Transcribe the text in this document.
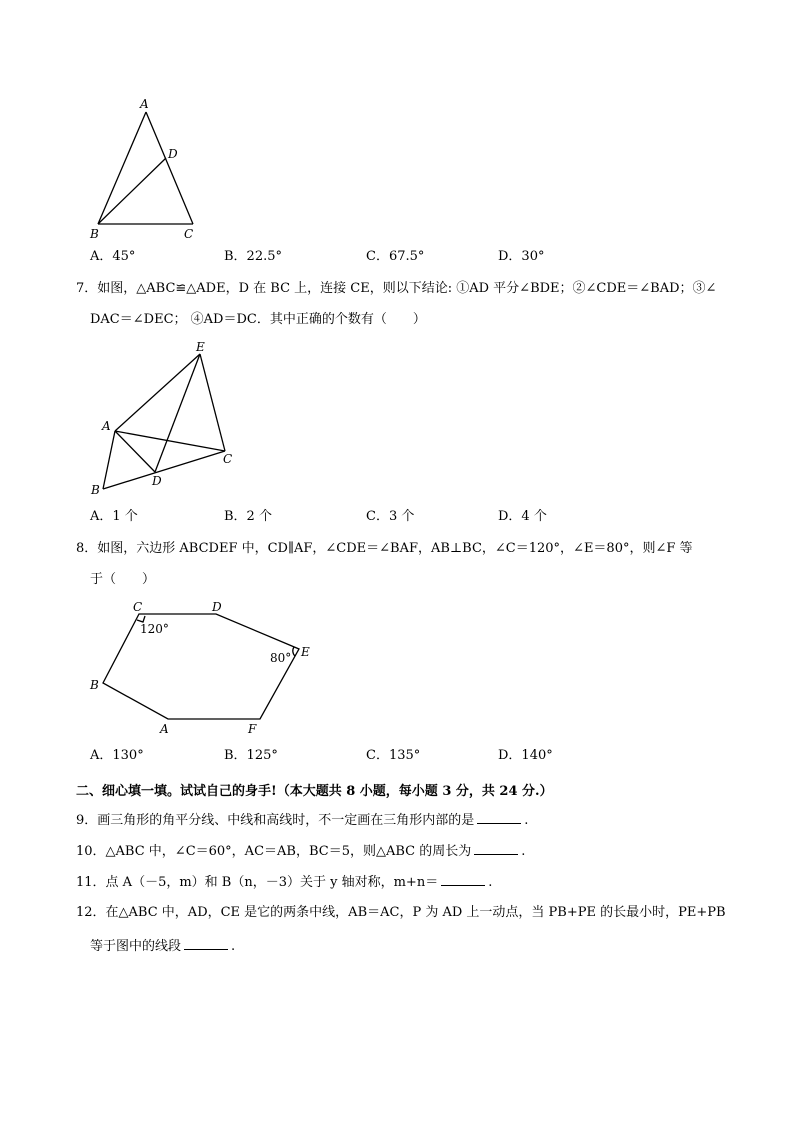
A
D
B	C
A．45°	B．22.5°	C．67.5°	D．30°
7．如图，△ABC≌△ADE，D 在 BC 上，连接 CE，则以下结论: ①AD 平分∠BDE；②∠CDE＝∠BAD；③∠
DAC＝∠DEC； ④AD＝DC．其中正确的个数有（　　）
E
A
C
D
B
A．1 个	B．2 个	C．3 个	D．4 个
8．如图，六边形 ABCDEF 中，CD∥AF，∠CDE＝∠BAF，AB⊥BC，∠C＝120°，∠E＝80°，则∠F 等
于（　　）
C	D
E
B
A	F
120°
80°
A．130°	B．125°	C．135°	D．140°
二、细心填一填。试试自己的身手!（本大题共 8 小题，每小题 3 分，共 24 分.）
9．画三角形的角平分线、中线和高线时，不一定画在三角形内部的是	.
10．△ABC 中，∠C＝60°，AC＝AB，BC＝5，则△ABC 的周长为	.
11．点 A（－5，m）和 B（n，－3）关于 y 轴对称，m+n＝	.
12．在△ABC 中，AD，CE 是它的两条中线，AB＝AC，P 为 AD 上一动点，当 PB+PE 的长最小时，PE+PB
等于图中的线段	.
